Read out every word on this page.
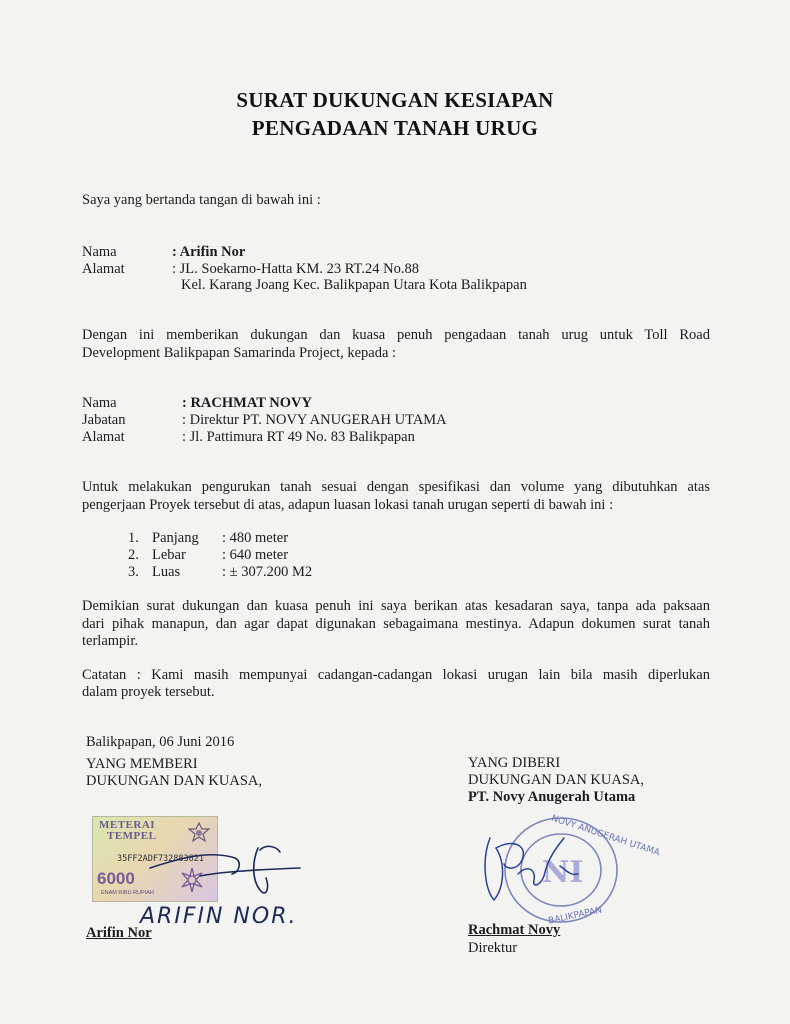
SURAT DUKUNGAN KESIAPAN
PENGADAAN TANAH URUG
Saya yang bertanda tangan di bawah ini :
Nama	: Arifin Nor
Alamat	: JL. Soekarno-Hatta KM. 23 RT.24 No.88
Kel. Karang Joang Kec. Balikpapan Utara Kota Balikpapan
Dengan ini memberikan dukungan dan kuasa penuh pengadaan tanah urug untuk Toll Road
Development Balikpapan Samarinda Project, kepada :
Nama	: RACHMAT NOVY
Jabatan	: Direktur PT. NOVY ANUGERAH UTAMA
Alamat	: Jl. Pattimura RT 49 No. 83 Balikpapan
Untuk melakukan pengurukan tanah sesuai dengan spesifikasi dan volume yang dibutuhkan atas
pengerjaan Proyek tersebut di atas, adapun luasan lokasi tanah urugan seperti di bawah ini :
1. Panjang : 480 meter
2. Lebar : 640 meter
3. Luas	: ± 307.200 M2
Demikian surat dukungan dan kuasa penuh ini saya berikan atas kesadaran saya, tanpa ada paksaan
dari pihak manapun, dan agar dapat digunakan sebagaimana mestinya. Adapun dokumen surat tanah
terlampir.
Catatan : Kami masih mempunyai cadangan-cadangan lokasi urugan lain bila masih diperlukan
dalam proyek tersebut.
Balikpapan, 06 Juni 2016
YANG MEMBERI
DUKUNGAN DAN KUASA,
YANG DIBERI
DUKUNGAN DAN KUASA,
PT. Novy Anugerah Utama
METERAI
TEMPEL
35FF2ADF732883821
6000
ENAM RIBU RUPIAH
ARIFIN NOR.
Arifin Nor
NOVY ANUGERAH UTAMA
BALIKPAPAN
NI
Rachmat Novy
Direktur
